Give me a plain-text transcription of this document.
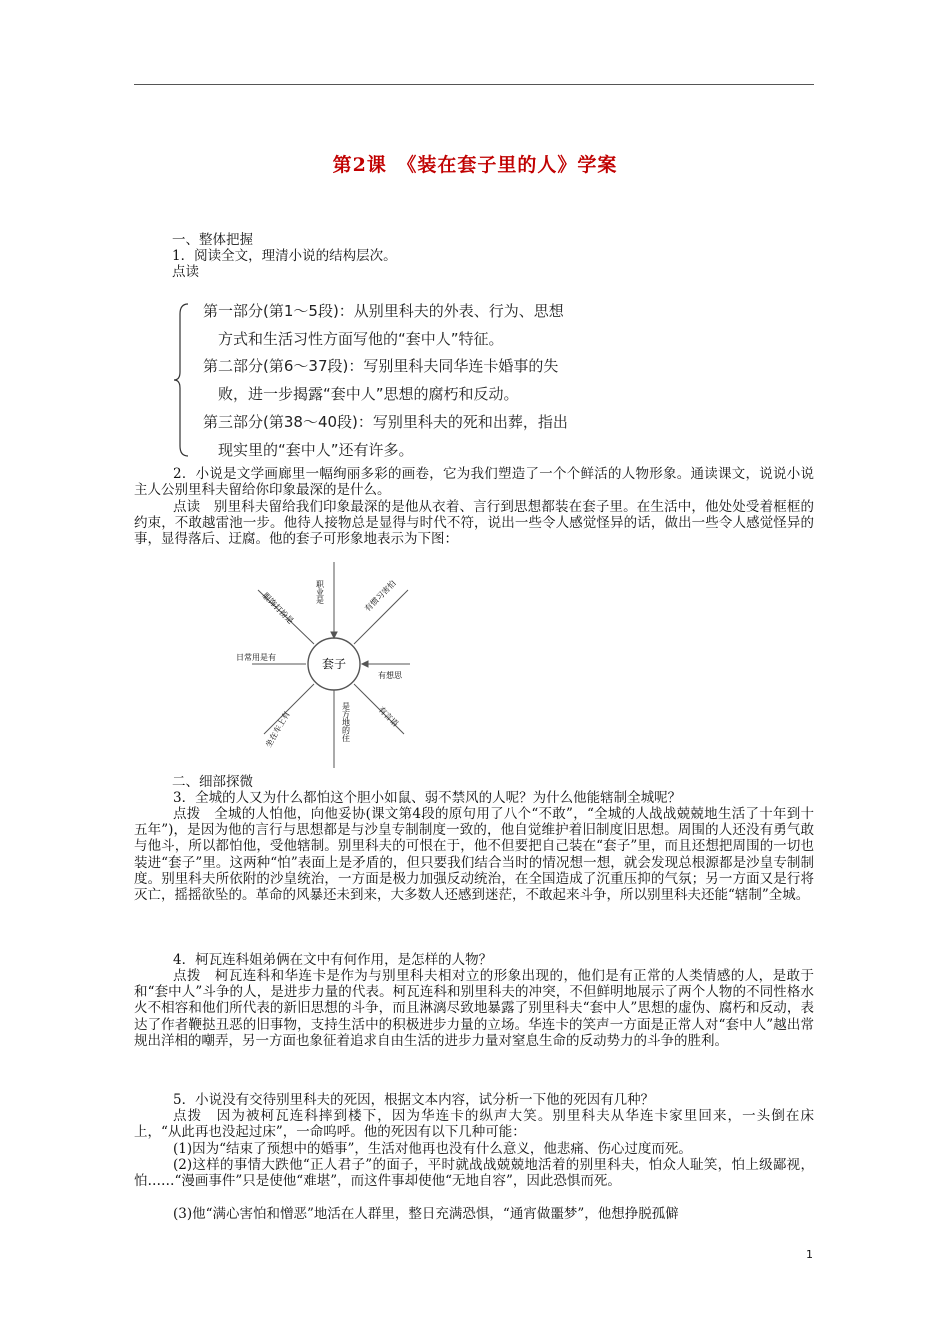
第2课　《装在套子里的人》学案
一、整体把握
1．阅读全文，理清小说的结构层次。
点读
第一部分(第1～5段)：从别里科夫的外表、行为、思想
方式和生活习性方面写他的“套中人”特征。
第二部分(第6～37段)：写别里科夫同华连卡婚事的失
败，进一步揭露“套中人”思想的腐朽和反动。
第三部分(第38～40段)：写别里科夫的死和出葬，指出
现实里的“套中人”还有许多。
2．小说是文学画廊里一幅绚丽多彩的画卷，它为我们塑造了一个个鲜活的人物形象。通读课文，说说小说主人公别里科夫留给你印象最深的是什么。
点读　别里科夫留给我们印象最深的是他从衣着、言行到思想都装在套子里。在生活中，他处处受着框框的约束，不敢越雷池一步。他待人接物总是显得与时代不符，说出一些令人感觉怪异的话，做出一些令人感觉怪异的事，显得落后、迂腐。他的套子可形象地表示为下图：
套子
职业是	有惯习害怕
有想思
有言语
是方地的住
坐在车上有
日常用是有
服饰打扮是
二、细部探微
3．全城的人又为什么都怕这个胆小如鼠、弱不禁风的人呢？为什么他能辖制全城呢？
点拨　全城的人怕他，向他妥协(课文第4段的原句用了八个“不敢”，“全城的人战战兢兢地生活了十年到十五年”)，是因为他的言行与思想都是与沙皇专制制度一致的，他自觉维护着旧制度旧思想。周围的人还没有勇气敢与他斗，所以都怕他，受他辖制。别里科夫的可恨在于，他不但要把自己装在“套子”里，而且还想把周围的一切也装进“套子”里。这两种“怕”表面上是矛盾的，但只要我们结合当时的情况想一想，就会发现总根源都是沙皇专制制度。别里科夫所依附的沙皇统治，一方面是极力加强反动统治，在全国造成了沉重压抑的气氛；另一方面又是行将灭亡，摇摇欲坠的。革命的风暴还未到来，大多数人还感到迷茫，不敢起来斗争，所以别里科夫还能“辖制”全城。
4．柯瓦连科姐弟俩在文中有何作用，是怎样的人物？
点拨　柯瓦连科和华连卡是作为与别里科夫相对立的形象出现的，他们是有正常的人类情感的人，是敢于和“套中人”斗争的人，是进步力量的代表。柯瓦连科和别里科夫的冲突，不但鲜明地展示了两个人物的不同性格水火不相容和他们所代表的新旧思想的斗争，而且淋漓尽致地暴露了别里科夫“套中人”思想的虚伪、腐朽和反动，表达了作者鞭挞丑恶的旧事物，支持生活中的积极进步力量的立场。华连卡的笑声一方面是正常人对“套中人”越出常规出洋相的嘲弄，另一方面也象征着追求自由生活的进步力量对窒息生命的反动势力的斗争的胜利。
5．小说没有交待别里科夫的死因，根据文本内容，试分析一下他的死因有几种？
点拨　因为被柯瓦连科摔到楼下，因为华连卡的纵声大笑。别里科夫从华连卡家里回来，一头倒在床上，“从此再也没起过床”，一命呜呼。他的死因有以下几种可能：
(1)因为“结束了预想中的婚事”，生活对他再也没有什么意义，他悲痛、伤心过度而死。
(2)这样的事情大跌他“正人君子”的面子，平时就战战兢兢地活着的别里科夫，怕众人耻笑，怕上级鄙视，怕……“漫画事件”只是使他“难堪”，而这件事却使他“无地自容”，因此恐惧而死。
(3)他“满心害怕和憎恶”地活在人群里，整日充满恐惧，“通宵做噩梦”，他想挣脱孤僻
1
